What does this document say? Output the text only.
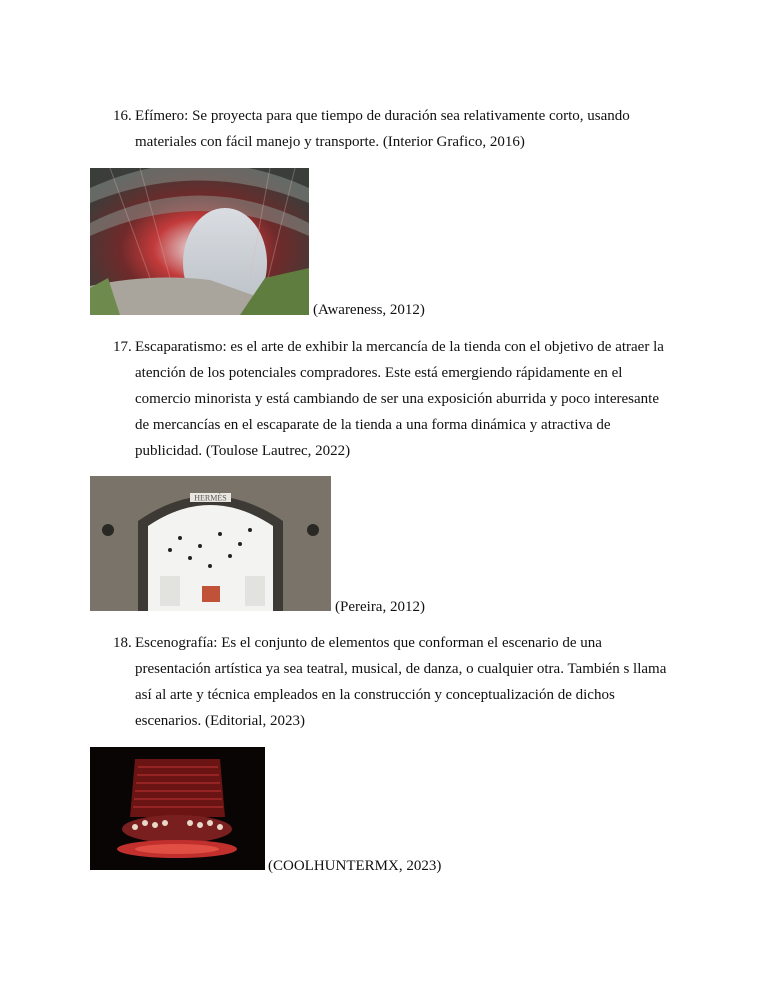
16. Efímero: Se proyecta para que tiempo de duración sea relativamente corto, usando
materiales con fácil manejo y transporte. (Interior Grafico, 2016)
(Awareness, 2012)
17. Escaparatismo: es el arte de exhibir la mercancía de la tienda con el objetivo de atraer la
atención de los potenciales compradores. Este está emergiendo rápidamente en el
comercio minorista y está cambiando de ser una exposición aburrida y poco interesante
de mercancías en el escaparate de la tienda a una forma dinámica y atractiva de
publicidad. (Toulose Lautrec, 2022)
HERMÈS
(Pereira, 2012)
18. Escenografía: Es el conjunto de elementos que conforman el escenario de una
presentación artística ya sea teatral, musical, de danza, o cualquier otra. También s llama
así al arte y técnica empleados en la construcción y conceptualización de dichos
escenarios. (Editorial, 2023)
(COOLHUNTERMX, 2023)
